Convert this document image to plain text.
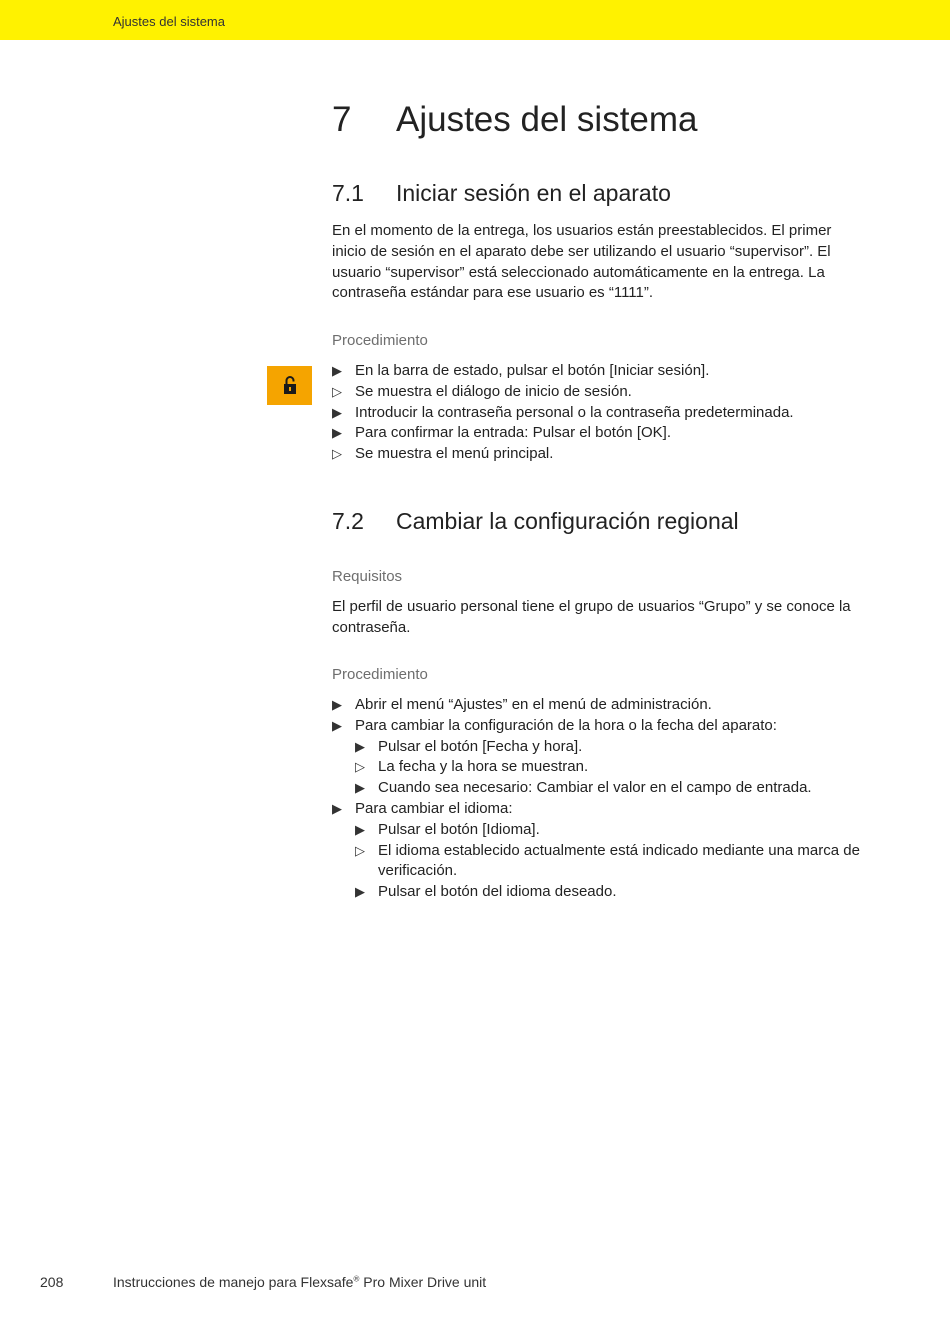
Ajustes del sistema
7 Ajustes del sistema
7.1 Iniciar sesión en el aparato

En el momento de la entrega, los usuarios están preestablecidos. El primer inicio de sesión en el aparato debe ser utilizando el usuario “supervisor”. El usuario “supervisor” está seleccionado automáticamente en la entrega. La contraseña estándar para ese usuario es “1111”.

Procedimiento
▶ En la barra de estado, pulsar el botón [Iniciar sesión].
▷ Se muestra el diálogo de inicio de sesión.
▶ Introducir la contraseña personal o la contraseña predeterminada.
▶ Para confirmar la entrada: Pulsar el botón [OK].
▷ Se muestra el menú principal.
7.2 Cambiar la configuración regional
Requisitos

El perfil de usuario personal tiene el grupo de usuarios “Grupo” y se conoce la contraseña.

Procedimiento
▶ Abrir el menú “Ajustes” en el menú de administración.
▶ Para cambiar la configuración de la hora o la fecha del aparato:
▶ Pulsar el botón [Fecha y hora].
▷ La fecha y la hora se muestran.
▶ Cuando sea necesario: Cambiar el valor en el campo de entrada.
▶ Para cambiar el idioma:
▶ Pulsar el botón [Idioma].
▷ El idioma establecido actualmente está indicado mediante una marca de verificación.
▶ Pulsar el botón del idioma deseado.
208	Instrucciones de manejo para Flexsafe® Pro Mixer Drive unit
